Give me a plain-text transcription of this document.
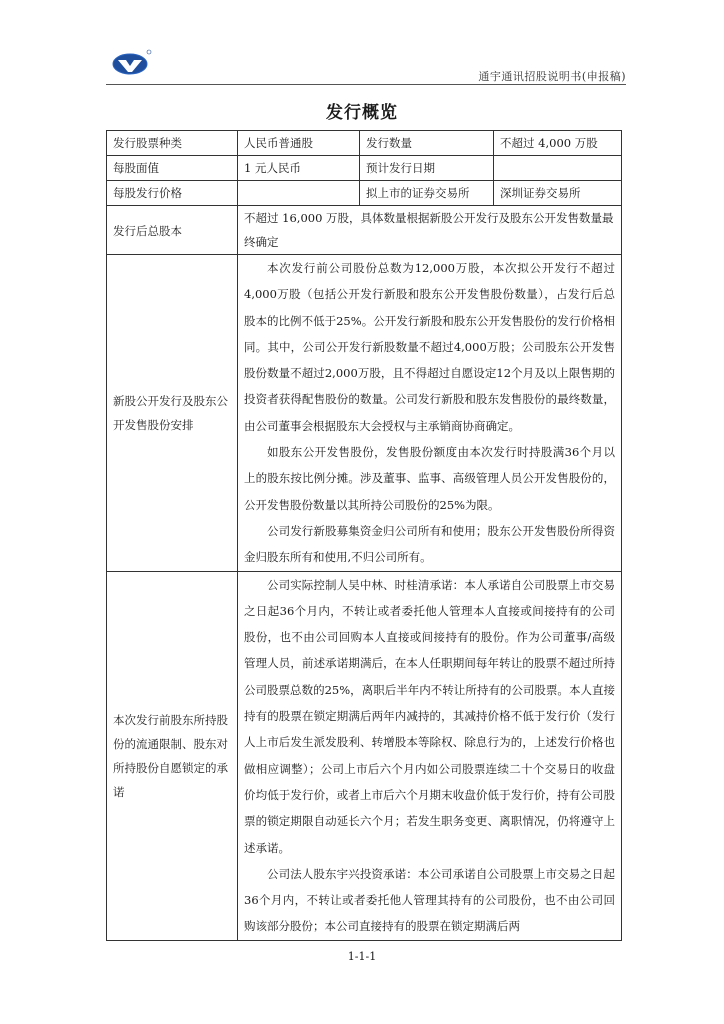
通宇通讯招股说明书(申报稿)
发行概览
发行股票种类	人民币普通股	发行数量	不超过 4,000 万股
每股面值	1 元人民币	预计发行日期	
每股发行价格		拟上市的证券交易所	深圳证券交易所
发行后总股本	不超过 16,000 万股，具体数量根据新股公开发行及股东公开发售数量最终确定		
新股公开发行及股东公开发售股份安排	本次发行前公司股份总数为12,000万股，本次拟公开发行不超过4,000万股（包括公开发行新股和股东公开发售股份数量），占发行后总股本的比例不低于25%。公开发行新股和股东公开发售股份的发行价格相同。其中，公司公开发行新股数量不超过4,000万股；公司股东公开发售股份数量不超过2,000万股，且不得超过自愿设定12个月及以上限售期的投资者获得配售股份的数量。公司发行新股和股东发售股份的最终数量，由公司董事会根据股东大会授权与主承销商协商确定。

如股东公开发售股份，发售股份额度由本次发行时持股满36个月以上的股东按比例分摊。涉及董事、监事、高级管理人员公开发售股份的，公开发售股份数量以其所持公司股份的25%为限。

公司发行新股募集资金归公司所有和使用；股东公开发售股份所得资金归股东所有和使用,不归公司所有。		

本次发行前股东所持股份的流通限制、股东对所持股份自愿锁定的承诺	公司实际控制人吴中林、时桂清承诺：本人承诺自公司股票上市交易之日起36个月内，不转让或者委托他人管理本人直接或间接持有的公司股份，也不由公司回购本人直接或间接持有的股份。作为公司董事/高级管理人员，前述承诺期满后，在本人任职期间每年转让的股票不超过所持公司股票总数的25%，离职后半年内不转让所持有的公司股票。本人直接持有的股票在锁定期满后两年内减持的，其减持价格不低于发行价（发行人上市后发生派发股利、转增股本等除权、除息行为的，上述发行价格也做相应调整）；公司上市后六个月内如公司股票连续二十个交易日的收盘价均低于发行价，或者上市后六个月期末收盘价低于发行价，持有公司股票的锁定期限自动延长六个月；若发生职务变更、离职情况，仍将遵守上述承诺。

公司法人股东宇兴投资承诺：本公司承诺自公司股票上市交易之日起36个月内，不转让或者委托他人管理其持有的公司股份，也不由公司回购该部分股份；本公司直接持有的股票在锁定期满后两		

1-1-1
